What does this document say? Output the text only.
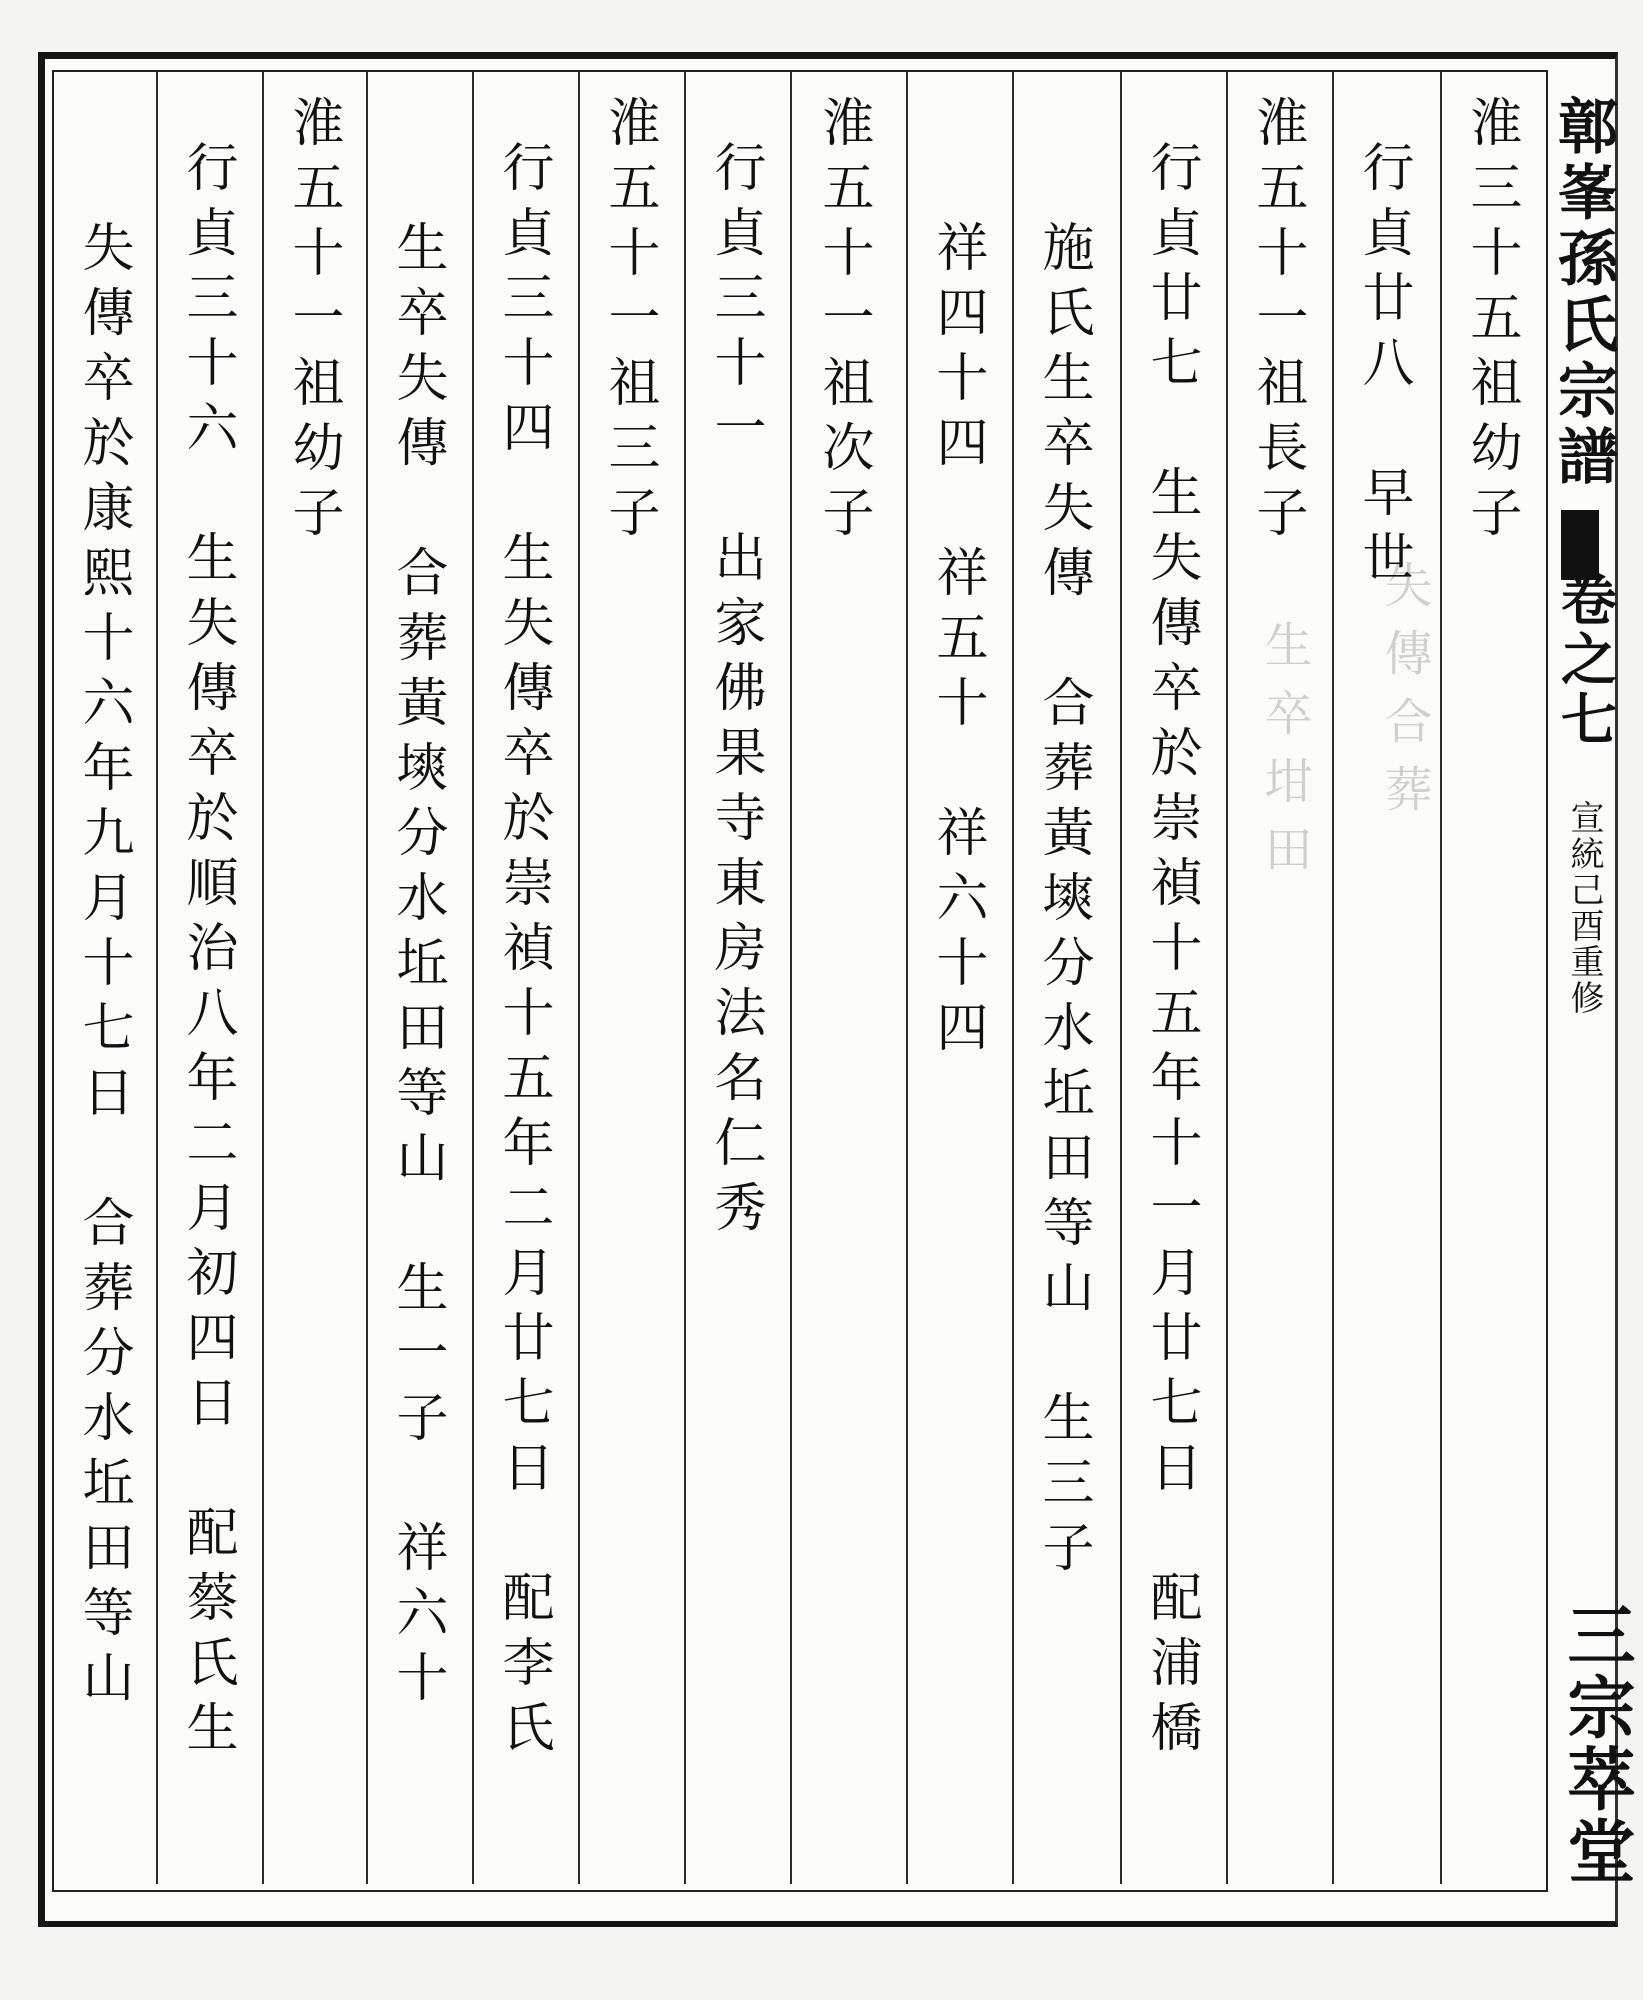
失傳合葬
生卒坩田
鄣峯孫氏宗譜
卷之七
宣統己酉重修
三宗萃堂
淮三十五祖幼子
行貞廿八　早世
淮五十一祖長子
行貞廿七　生失傳卒於崇禎十五年十一月廿七日　配浦橋
施氏生卒失傳　合葬黃塽分水坵田等山　生三子
祥四十四　祥五十　祥六十四
淮五十一祖次子
行貞三十一　出家佛果寺東房法名仁秀
淮五十一祖三子
行貞三十四　生失傳卒於崇禎十五年二月廿七日　配李氏
生卒失傳　合葬黃塽分水坵田等山　生一子　祥六十
淮五十一祖幼子
行貞三十六　生失傳卒於順治八年二月初四日　配蔡氏生
失傳卒於康熙十六年九月十七日　合葬分水坵田等山
